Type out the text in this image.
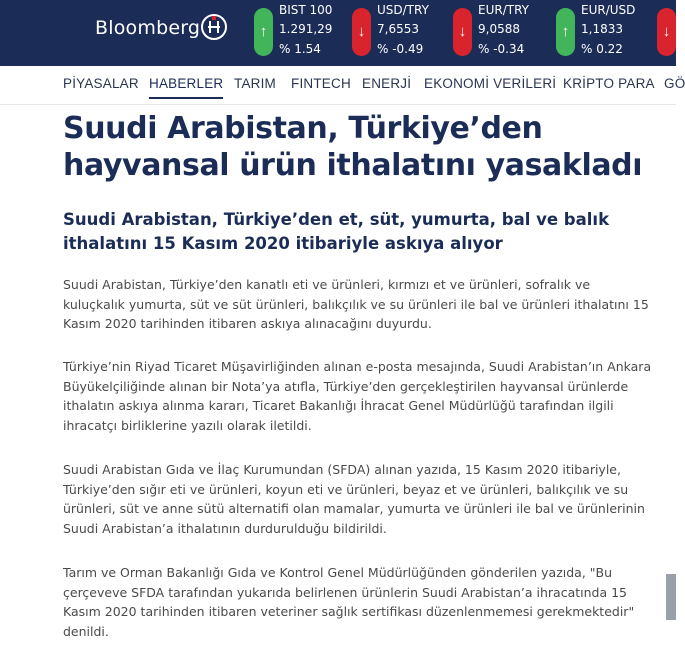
Bloomberg	↑
BIST 100
1.291,29
% 1.54
↓
USD/TRY
7,6553
% -0.49
↓
EUR/TRY
9,0588
% -0.34
↑
EUR/USD
1,1833
% 0.22
↓
PİYASALAR HABERLER TARIM FINTECH ENERJİ EKONOMİ VERİLERİ KRİPTO PARA GÖ
Suudi Arabistan, Türkiye’den hayvansal ürün ithalatını yasakladı
Suudi Arabistan, Türkiye’den et, süt, yumurta, bal ve balık ithalatını 15 Kasım 2020 itibariyle askıya alıyor

Suudi Arabistan, Türkiye’den kanatlı eti ve ürünleri, kırmızı et ve ürünleri, sofralık ve kuluçkalık yumurta, süt ve süt ürünleri, balıkçılık ve su ürünleri ile bal ve ürünleri ithalatını 15 Kasım 2020 tarihinden itibaren askıya alınacağını duyurdu.

Türkiye’nin Riyad Ticaret Müşavirliğinden alınan e-posta mesajında, Suudi Arabistan’ın Ankara Büyükelçiliğinde alınan bir Nota’ya atıfla, Türkiye’den gerçekleştirilen hayvansal ürünlerde ithalatın askıya alınma kararı, Ticaret Bakanlığı İhracat Genel Müdürlüğü tarafından ilgili ihracatçı birliklerine yazılı olarak iletildi.

Suudi Arabistan Gıda ve İlaç Kurumundan (SFDA) alınan yazıda, 15 Kasım 2020 itibariyle, Türkiye’den sığır eti ve ürünleri, koyun eti ve ürünleri, beyaz et ve ürünleri, balıkçılık ve su ürünleri, süt ve anne sütü alternatifi olan mamalar, yumurta ve ürünleri ile bal ve ürünlerinin Suudi Arabistan’a ithalatının durdurulduğu bildirildi.

Tarım ve Orman Bakanlığı Gıda ve Kontrol Genel Müdürlüğünden gönderilen yazıda, "Bu çerçeveve SFDA tarafından yukarıda belirlenen ürünlerin Suudi Arabistan’a ihracatında 15 Kasım 2020 tarihinden itibaren veteriner sağlık sertifikası düzenlenmemesi gerekmektedir" denildi.
